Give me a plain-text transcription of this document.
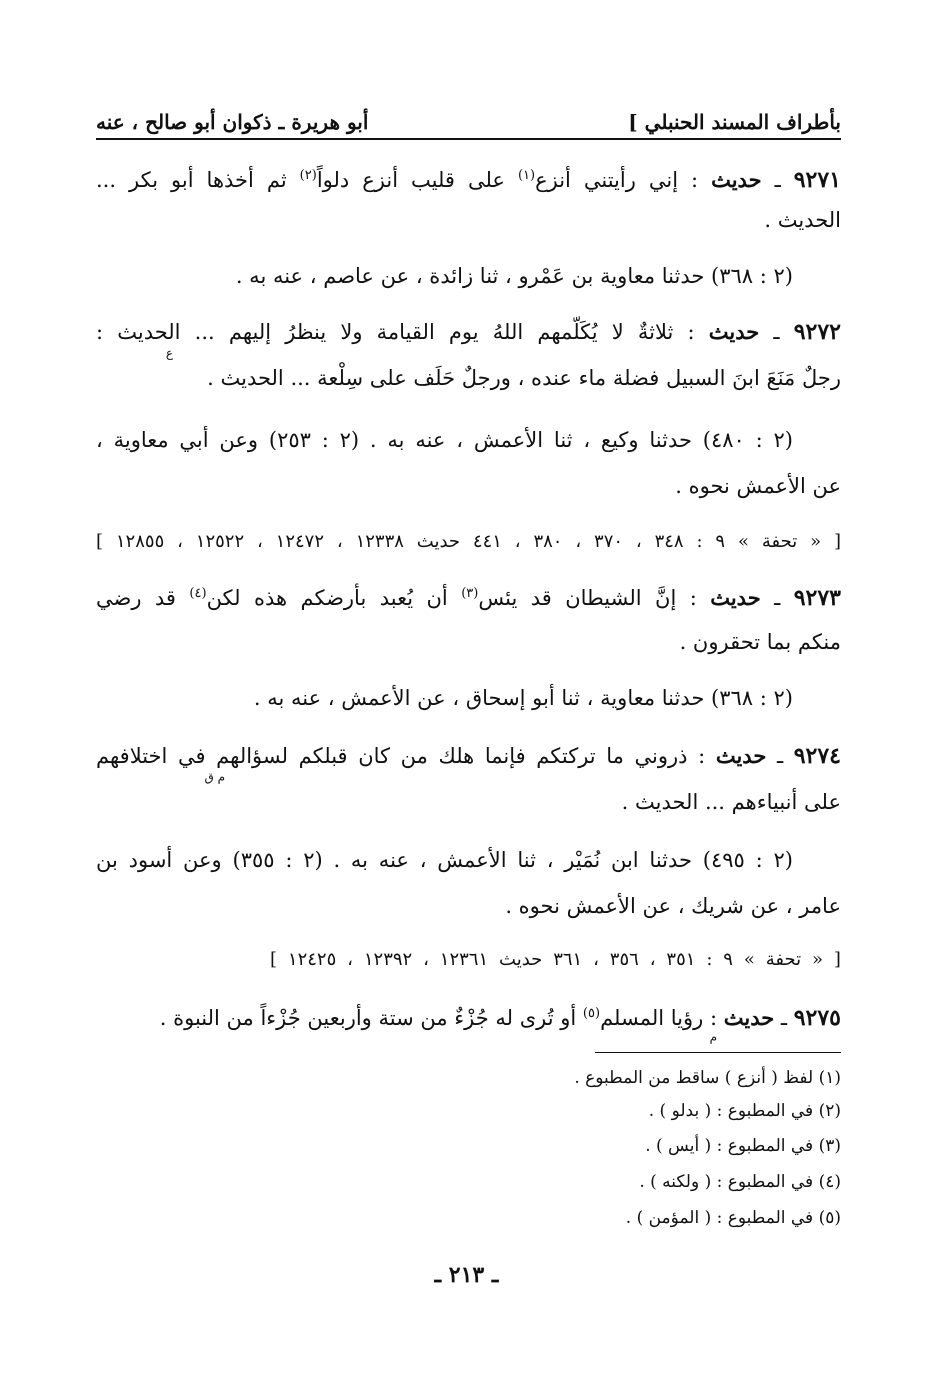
بأطراف المسند الحنبلي ]
أبو هريرة ـ ذكوان أبو صالح ، عنه
٩٢٧١ ـ حديث : إني رأيتني أنزع$^{(١)}$ على قليب أنزع دلواً$^{(٢)}$ ثم أخذها أبو بكر ...
الحديث .
(٢ : ٣٦٨) حدثنا معاوية بن عَمْرو ، ثنا زائدة ، عن عاصم ، عنه به .
٩٢٧٢ ـ حديث : ثلاثةٌ لا يُكَلّمهم اللهُ يوم القيامة ولا ينظرُ إليهم ... الحديث :
ع
رجلٌ مَنَعَ ابنَ السبيل فضلة ماء عنده ، ورجلٌ حَلَف على سِلْعة ... الحديث .
(٢ : ٤٨٠) حدثنا وكيع ، ثنا الأعمش ، عنه به . (٢ : ٢٥٣) وعن أبي معاوية ،
عن الأعمش نحوه .
[ « تحفة » ٩ : ٣٤٨ ، ٣٧٠ ، ٣٨٠ ، ٤٤١ حديث ١٢٣٣٨ ، ١٢٤٧٢ ، ١٢٥٢٢ ، ١٢٨٥٥ ]
٩٢٧٣ ـ حديث : إنَّ الشيطان قد يئس$^{(٣)}$ أن يُعبد بأرضكم هذه لكن$^{(٤)}$ قد رضي
منكم بما تحقرون .
(٢ : ٣٦٨) حدثنا معاوية ، ثنا أبو إسحاق ، عن الأعمش ، عنه به .
٩٢٧٤ ـ حديث : ذروني ما تركتكم فإنما هلك من كان قبلكم لسؤالهم في اختلافهم
م ق
على أنبياءهم ... الحديث .
(٢ : ٤٩٥) حدثنا ابن نُمَيْر ، ثنا الأعمش ، عنه به . (٢ : ٣٥٥) وعن أسود بن
عامر ، عن شريك ، عن الأعمش نحوه .
[ « تحفة » ٩ : ٣٥١ ، ٣٥٦ ، ٣٦١ حديث ١٢٣٦١ ، ١٢٣٩٢ ، ١٢٤٢٥ ]
٩٢٧٥ ـ حديث : رؤيا المسلم$^{(٥)}$ أو تُرى له جُزْءٌ من ستة وأربعين جُزْءاً من النبوة .
م
(١) لفظ ( أنزع ) ساقط من المطبوع .
(٢) في المطبوع : ( بدلو ) .
(٣) في المطبوع : ( أيس ) .
(٤) في المطبوع : ( ولكنه ) .
(٥) في المطبوع : ( المؤمن ) .
ـ ٢١٣ ـ
